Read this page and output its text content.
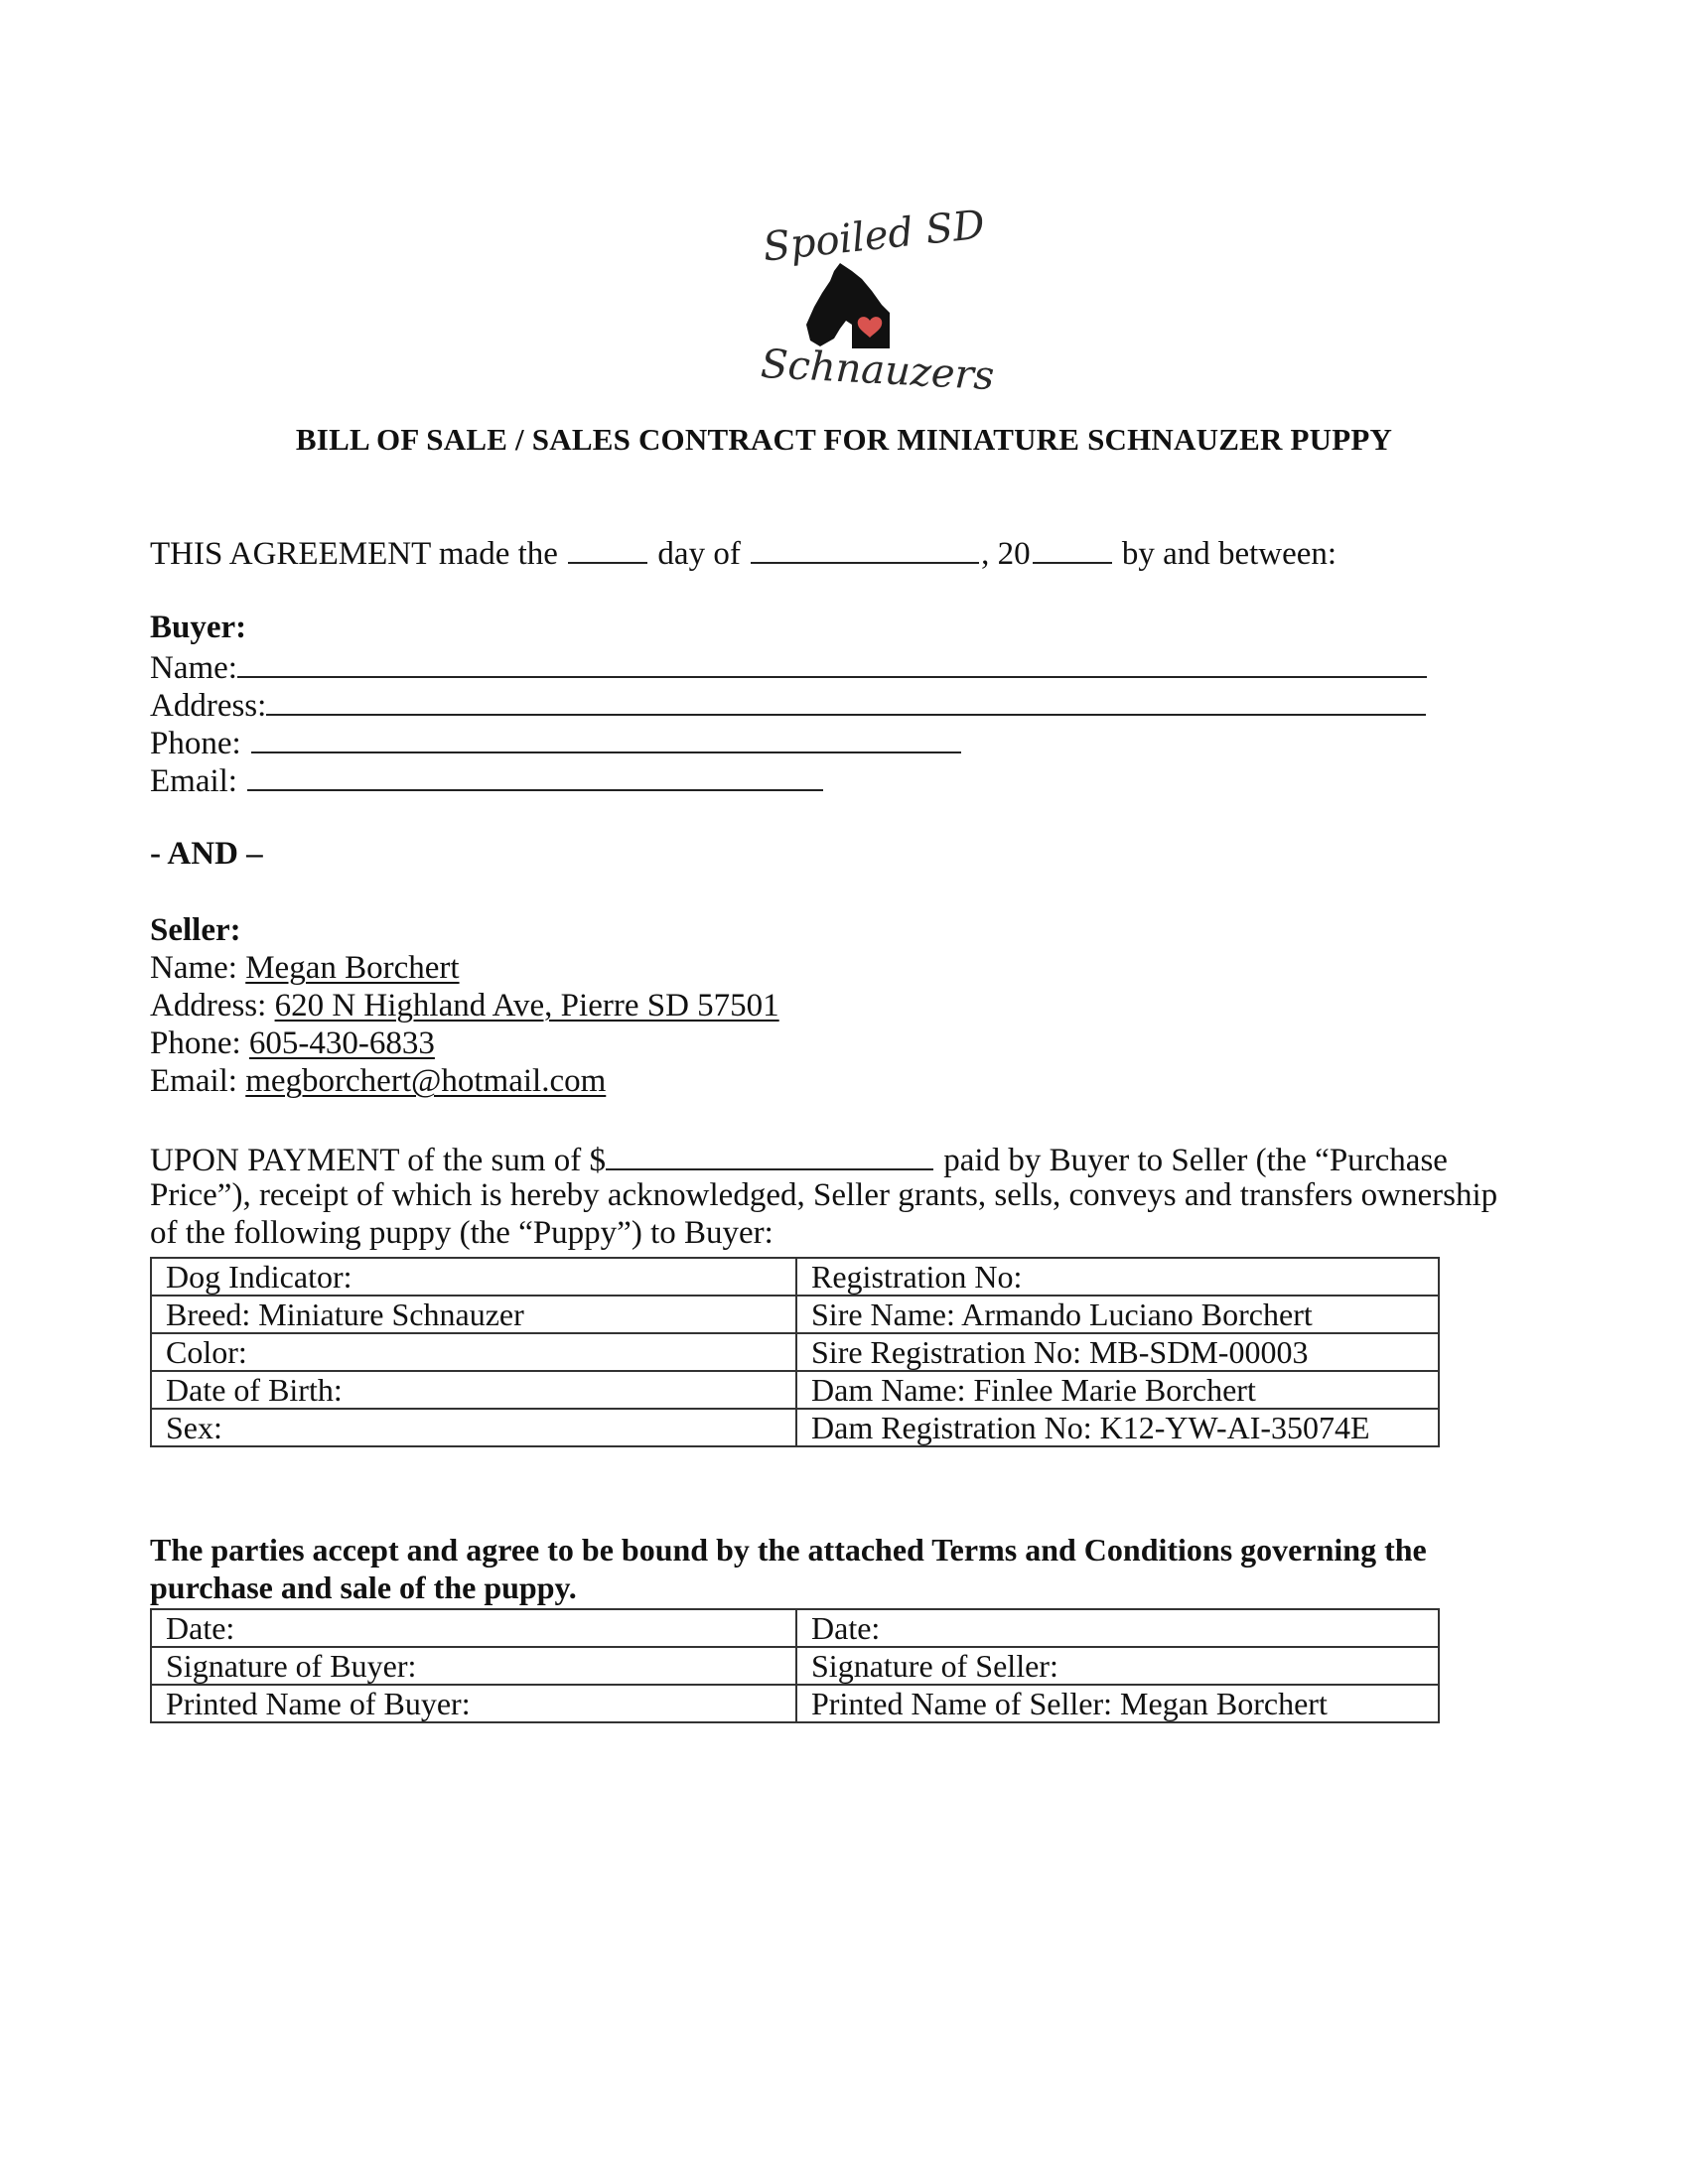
Spoiled SD
Schnauzers
BILL OF SALE / SALES CONTRACT FOR MINIATURE SCHNAUZER PUPPY
THIS AGREEMENT made the	day of	, 20	by and between:
Buyer:
Name:
Address:
Phone:
Email:
- AND –
Seller:
Name: Megan Borchert
Address: 620 N Highland Ave, Pierre SD 57501
Phone: 605-430-6833
Email: megborchert@hotmail.com
UPON PAYMENT of the sum of $	paid by Buyer to Seller (the “Purchase
Price”), receipt of which is hereby acknowledged, Seller grants, sells, conveys and transfers ownership
of the following puppy (the “Puppy”) to Buyer:
Dog Indicator:	Registration No:
Breed: Miniature Schnauzer	Sire Name: Armando Luciano Borchert
Color:	Sire Registration No: MB-SDM-00003
Date of Birth:	Dam Name: Finlee Marie Borchert
Sex:	Dam Registration No: K12-YW-AI-35074E
The parties accept and agree to be bound by the attached Terms and Conditions governing the
purchase and sale of the puppy.
Date:	Date:
Signature of Buyer:	Signature of Seller:
Printed Name of Buyer:	Printed Name of Seller: Megan Borchert
